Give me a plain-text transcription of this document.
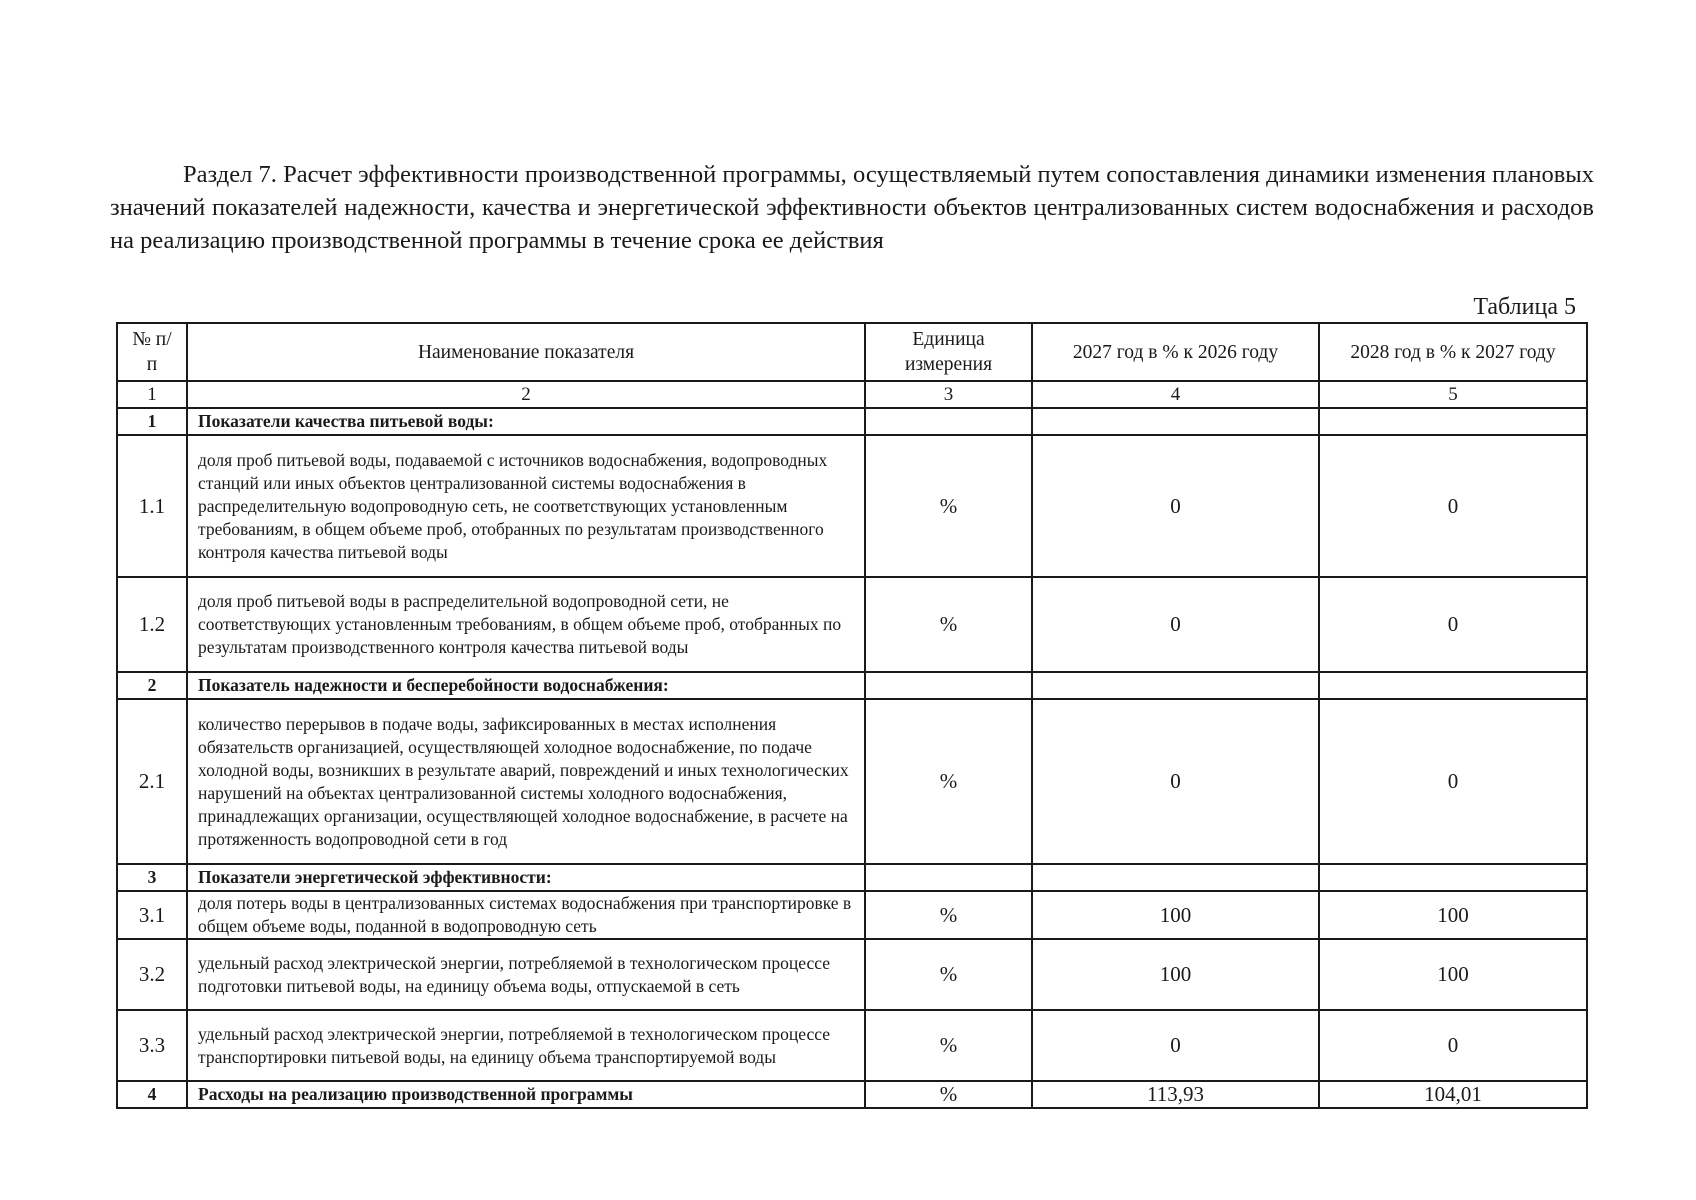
Раздел 7. Расчет эффективности производственной программы, осуществляемый путем сопоставления динамики изменения плановых значений показателей надежности, качества и энергетической эффективности объектов централизованных систем водоснабжения и расходов на реализацию производственной программы в течение срока ее действия
Таблица 5
№ п/п	Наименование показателя	Единица измерения	2027 год в % к 2026 году	2028 год в % к 2027 году
1	2	3	4	5
1	Показатели качества питьевой воды:			
1.1	доля проб питьевой воды, подаваемой с источников водоснабжения, водопроводных станций или иных объектов централизованной системы водоснабжения в распределительную водопроводную сеть, не соответствующих установленным требованиям, в общем объеме проб, отобранных по результатам производственного контроля качества питьевой воды	%	0	0
1.2	доля проб питьевой воды в распределительной водопроводной сети, не соответствующих установленным требованиям, в общем объеме проб, отобранных по результатам производственного контроля качества питьевой воды	%	0	0
2	Показатель надежности и бесперебойности водоснабжения:			
2.1	количество перерывов в подаче воды, зафиксированных в местах исполнения обязательств организацией, осуществляющей холодное водоснабжение, по подаче холодной воды, возникших в результате аварий, повреждений и иных технологических нарушений на объектах централизованной системы холодного водоснабжения, принадлежащих организации, осуществляющей холодное водоснабжение, в расчете на протяженность водопроводной сети в год	%	0	0
3	Показатели энергетической эффективности:			
3.1	доля потерь воды в централизованных системах водоснабжения при транспортировке в общем объеме воды, поданной в водопроводную сеть	%	100	100
3.2	удельный расход электрической энергии, потребляемой в технологическом процессе подготовки питьевой воды, на единицу объема воды, отпускаемой в сеть	%	100	100
3.3	удельный расход электрической энергии, потребляемой в технологическом процессе транспортировки питьевой воды, на единицу объема транспортируемой воды	%	0	0
4	Расходы на реализацию производственной программы	%	113,93	104,01
